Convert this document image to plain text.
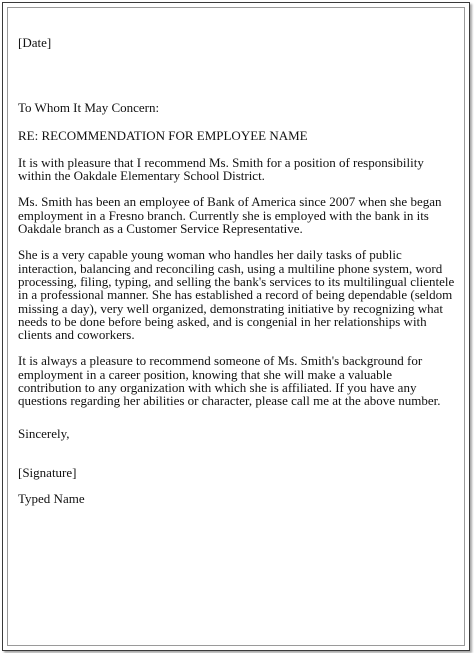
[Date]

To Whom It May Concern:

RE: RECOMMENDATION FOR EMPLOYEE NAME

It is with pleasure that I recommend Ms. Smith for a position of responsibility within the Oakdale Elementary School District.

Ms. Smith has been an employee of Bank of America since 2007 when she began employment in a Fresno branch. Currently she is employed with the bank in its Oakdale branch as a Customer Service Representative.

She is a very capable young woman who handles her daily tasks of public interaction, balancing and reconciling cash, using a multiline phone system, word processing, filing, typing, and selling the bank's services to its multilingual clientele in a professional manner. She has established a record of being dependable (seldom missing a day), very well organized, demonstrating initiative by recognizing what needs to be done before being asked, and is congenial in her relationships with clients and coworkers.

It is always a pleasure to recommend someone of Ms. Smith's background for employment in a career position, knowing that she will make a valuable contribution to any organization with which she is affiliated. If you have any questions regarding her abilities or character, please call me at the above number.

Sincerely,

[Signature]

Typed Name
